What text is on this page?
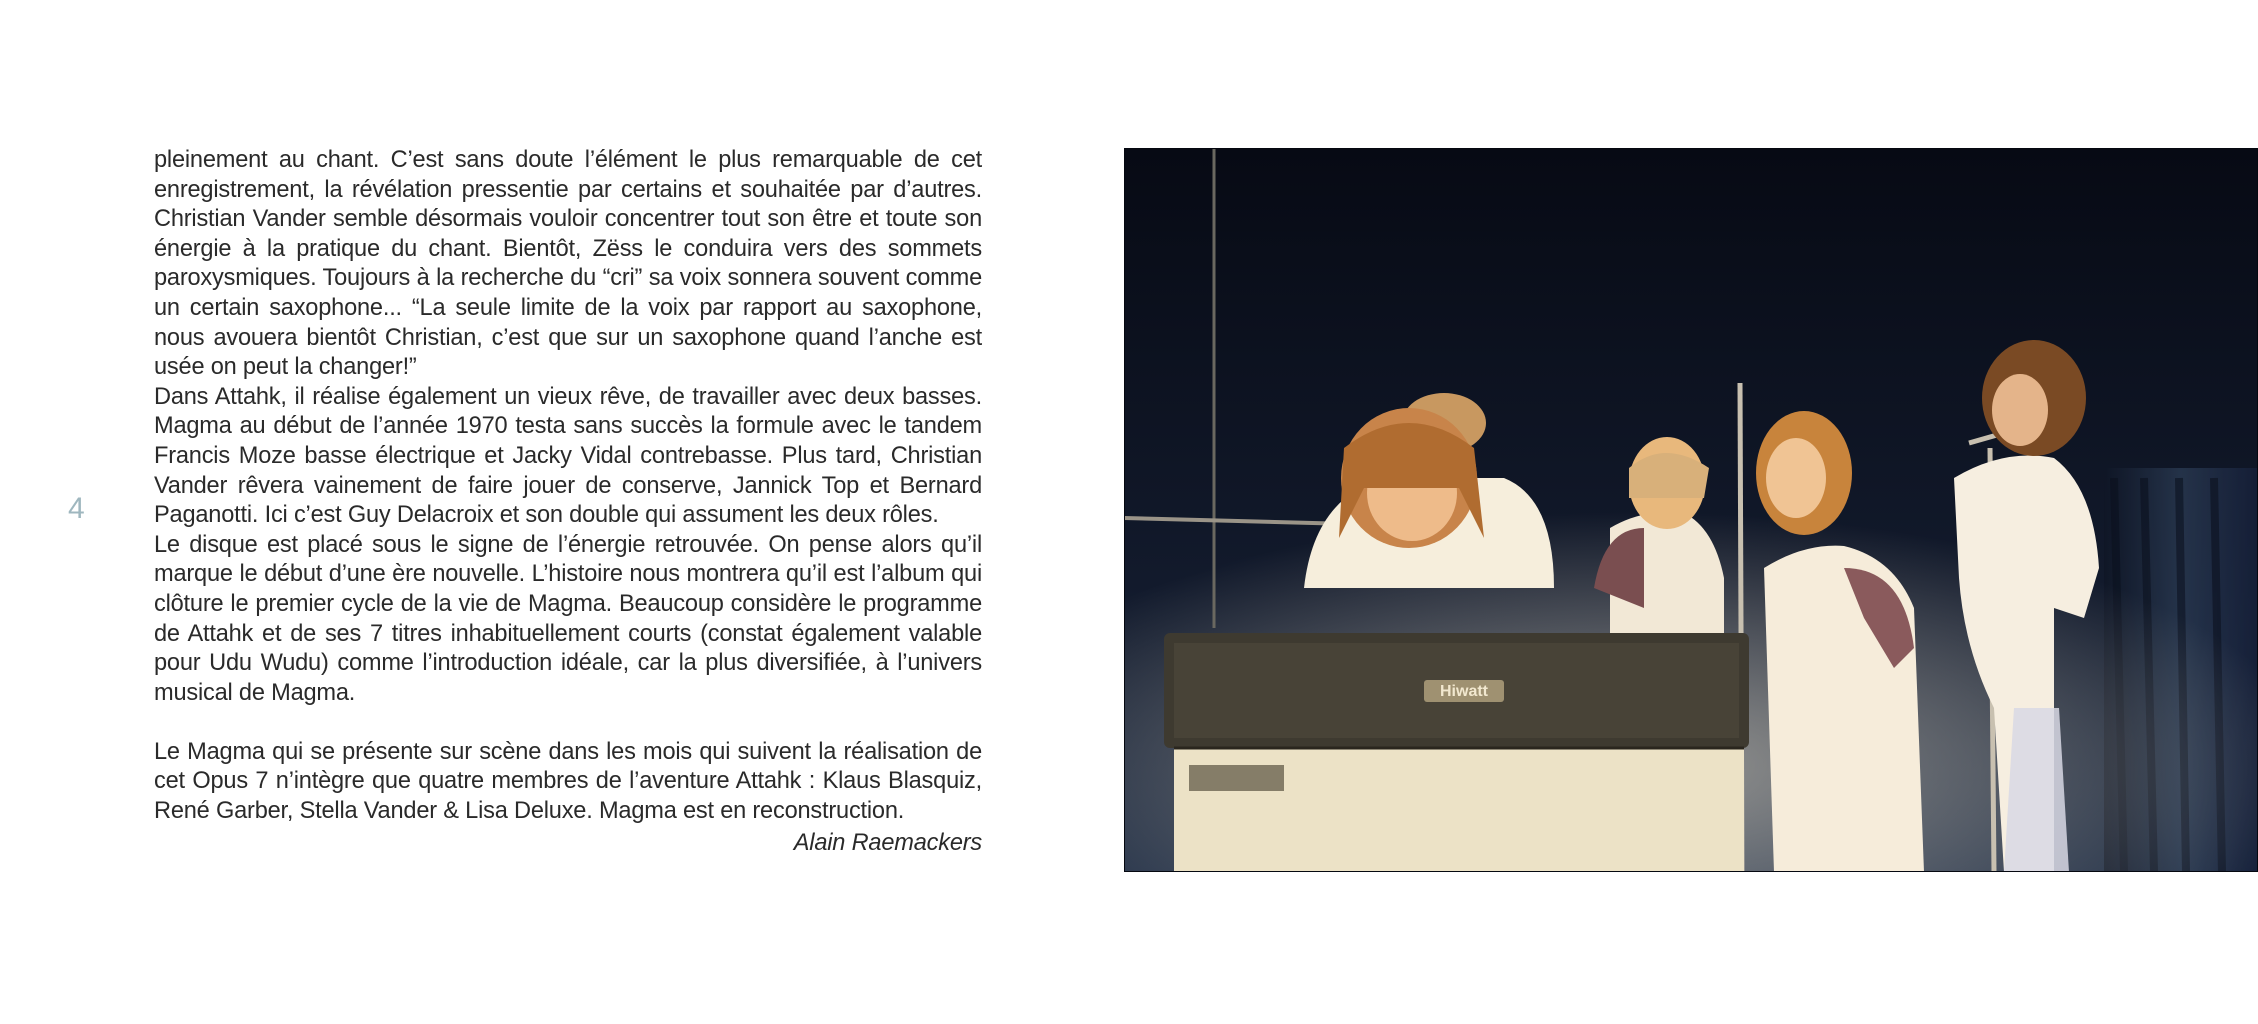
4

pleinement au chant. C’est sans doute l’élément le plus remarquable de cet enregistrement, la révélation pressentie par certains et souhaitée par d’autres. Christian Vander semble désormais vouloir concentrer tout son être et toute son énergie à la pratique du chant. Bientôt, Zëss le conduira vers des sommets paroxysmiques. Toujours à la recherche du “cri” sa voix sonnera souvent comme un certain saxophone... “La seule limite de la voix par rapport au saxophone, nous avouera bientôt Christian, c’est que sur un saxophone quand l’anche est usée on peut la changer!”

Dans Attahk, il réalise également un vieux rêve, de travailler avec deux basses. Magma au début de l’année 1970 testa sans succès la formule avec le tandem Francis Moze basse électrique et Jacky Vidal contrebasse. Plus tard, Christian Vander rêvera vainement de faire jouer de conserve, Jannick Top et Bernard Paganotti. Ici c’est Guy Delacroix et son double qui assument les deux rôles.

Le disque est placé sous le signe de l’énergie retrouvée. On pense alors qu’il marque le début d’une ère nouvelle. L’histoire nous montrera qu’il est l’album qui clôture le premier cycle de la vie de Magma. Beaucoup considère le programme de Attahk et de ses 7 titres inhabituellement courts (constat également valable pour Udu Wudu) comme l’introduction idéale, car la plus diversifiée, à l’univers musical de Magma.

Le Magma qui se présente sur scène dans les mois qui suivent la réalisation de cet Opus 7 n’intègre que quatre membres de l’aventure Attahk : Klaus Blasquiz, René Garber, Stella Vander & Lisa Deluxe. Magma est en reconstruction.

Alain Raemackers

Hiwatt
